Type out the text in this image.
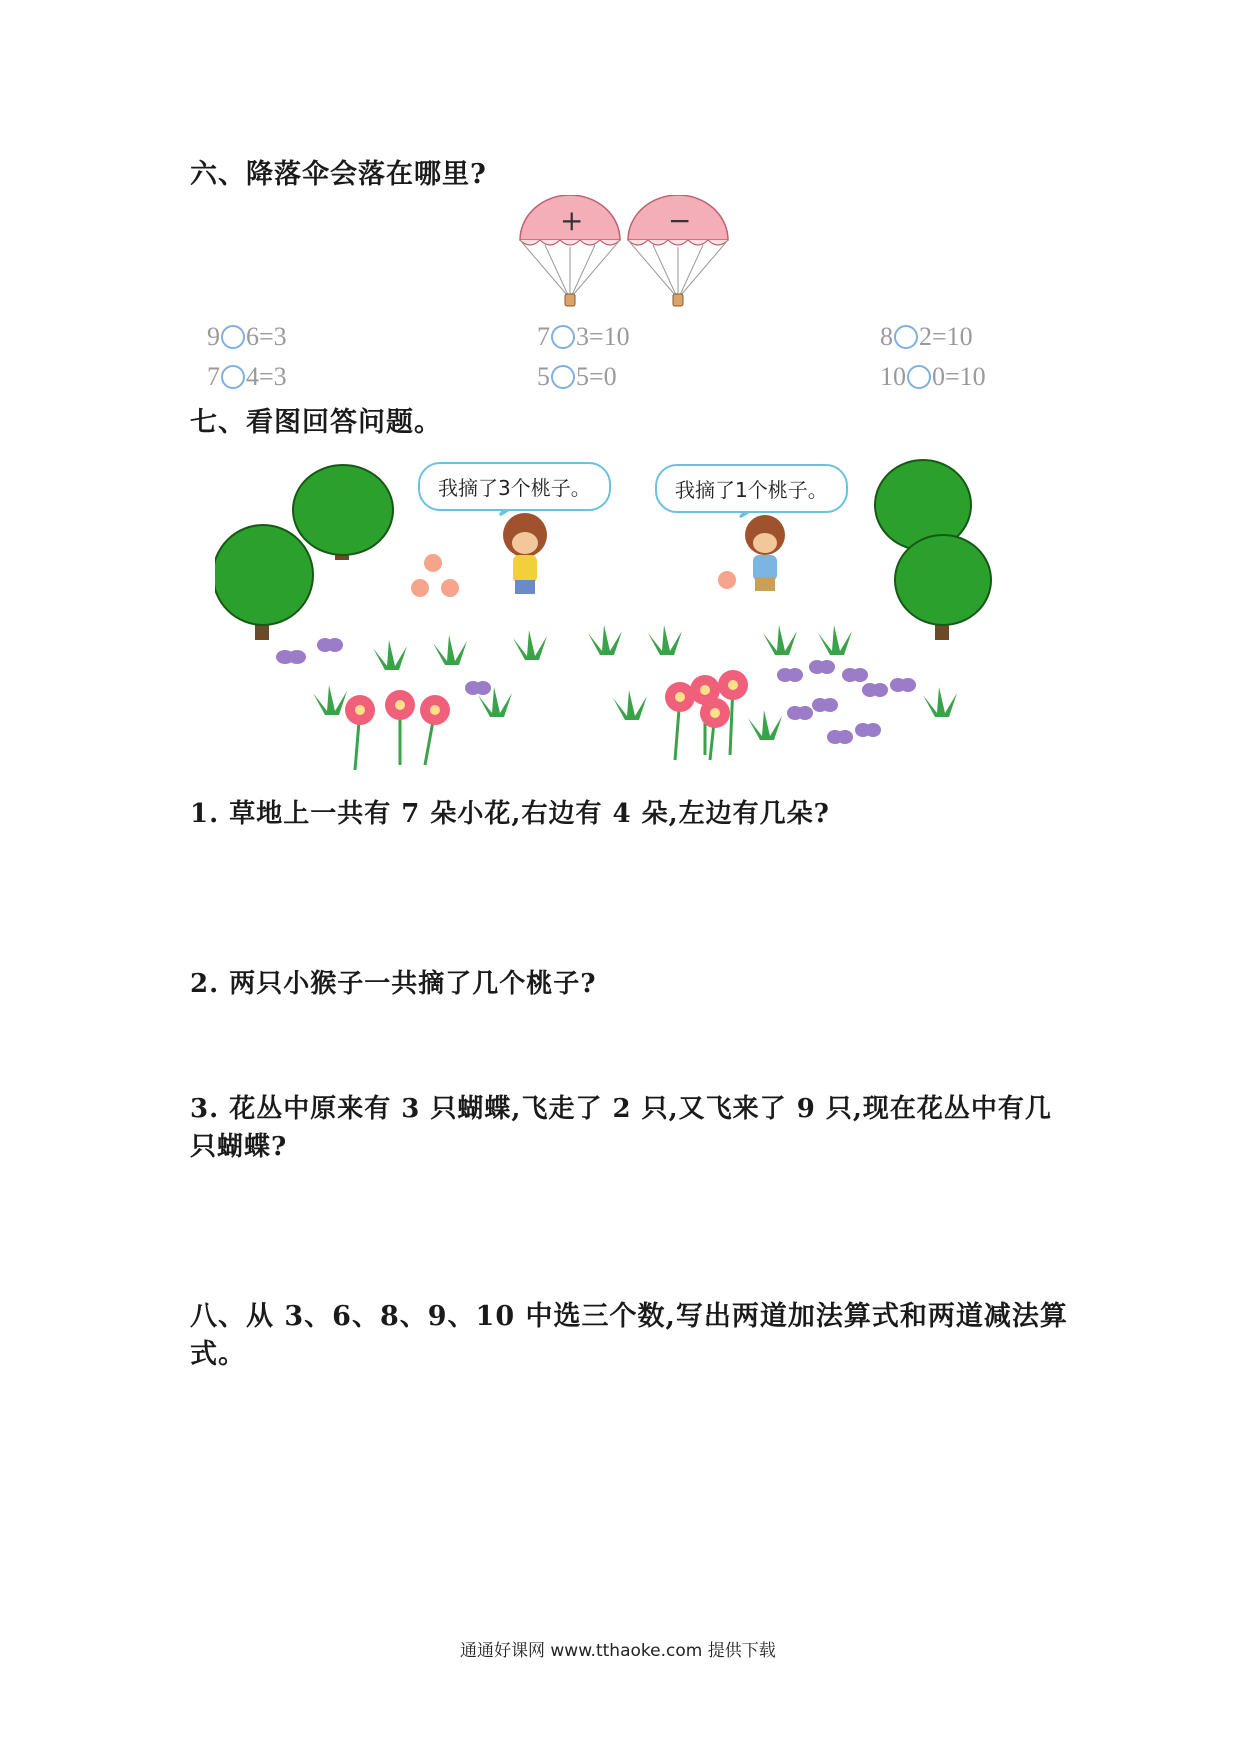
六、降落伞会落在哪里?
+	−
9 6=3	7 3=10	8 2=10
7 4=3	5 5=0	10 0=10
七、看图回答问题。
我摘了3个桃子。	我摘了1个桃子。
1. 草地上一共有 7 朵小花,右边有 4 朵,左边有几朵?
2. 两只小猴子一共摘了几个桃子?
3. 花丛中原来有 3 只蝴蝶,飞走了 2 只,又飞来了 9 只,现在花丛中有几只蝴蝶?
八、从 3、6、8、9、10 中选三个数,写出两道加法算式和两道减法算式。
通通好课网 www.tthaoke.com 提供下载
